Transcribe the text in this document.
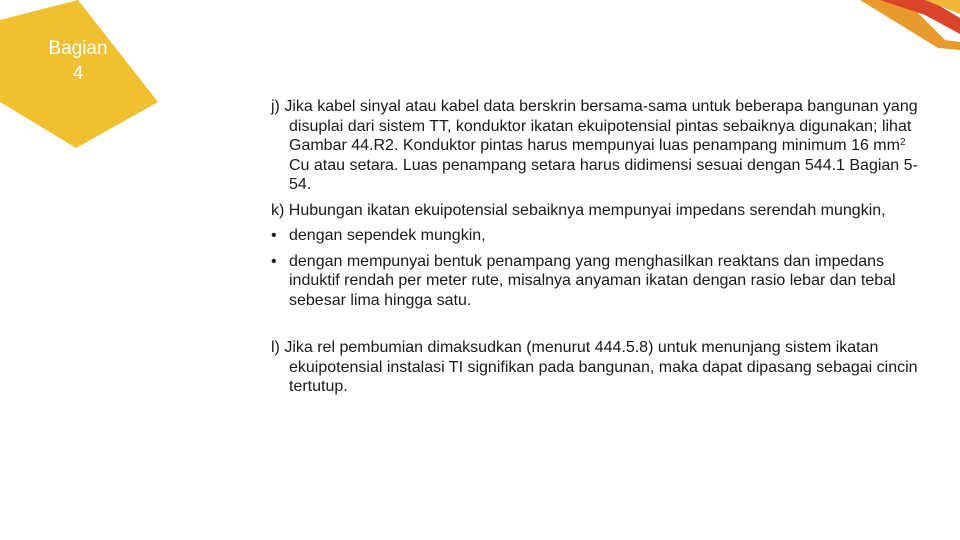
Bagian
4

j) Jika kabel sinyal atau kabel data berskrin bersama-sama untuk beberapa bangunan yang disuplai dari sistem TT, konduktor ikatan ekuipotensial pintas sebaiknya digunakan; lihat Gambar 44.R2. Konduktor pintas harus mempunyai luas penampang minimum 16 $mm^2$ Cu atau setara. Luas penampang setara harus didimensi sesuai dengan 544.1 Bagian 5-54.

k) Hubungan ikatan ekuipotensial sebaiknya mempunyai impedans serendah mungkin,

• dengan sependek mungkin,

• dengan mempunyai bentuk penampang yang menghasilkan reaktans dan impedans induktif rendah per meter rute, misalnya anyaman ikatan dengan rasio lebar dan tebal sebesar lima hingga satu.

l) Jika rel pembumian dimaksudkan (menurut 444.5.8) untuk menunjang sistem ikatan ekuipotensial instalasi TI signifikan pada bangunan, maka dapat dipasang sebagai cincin tertutup.
